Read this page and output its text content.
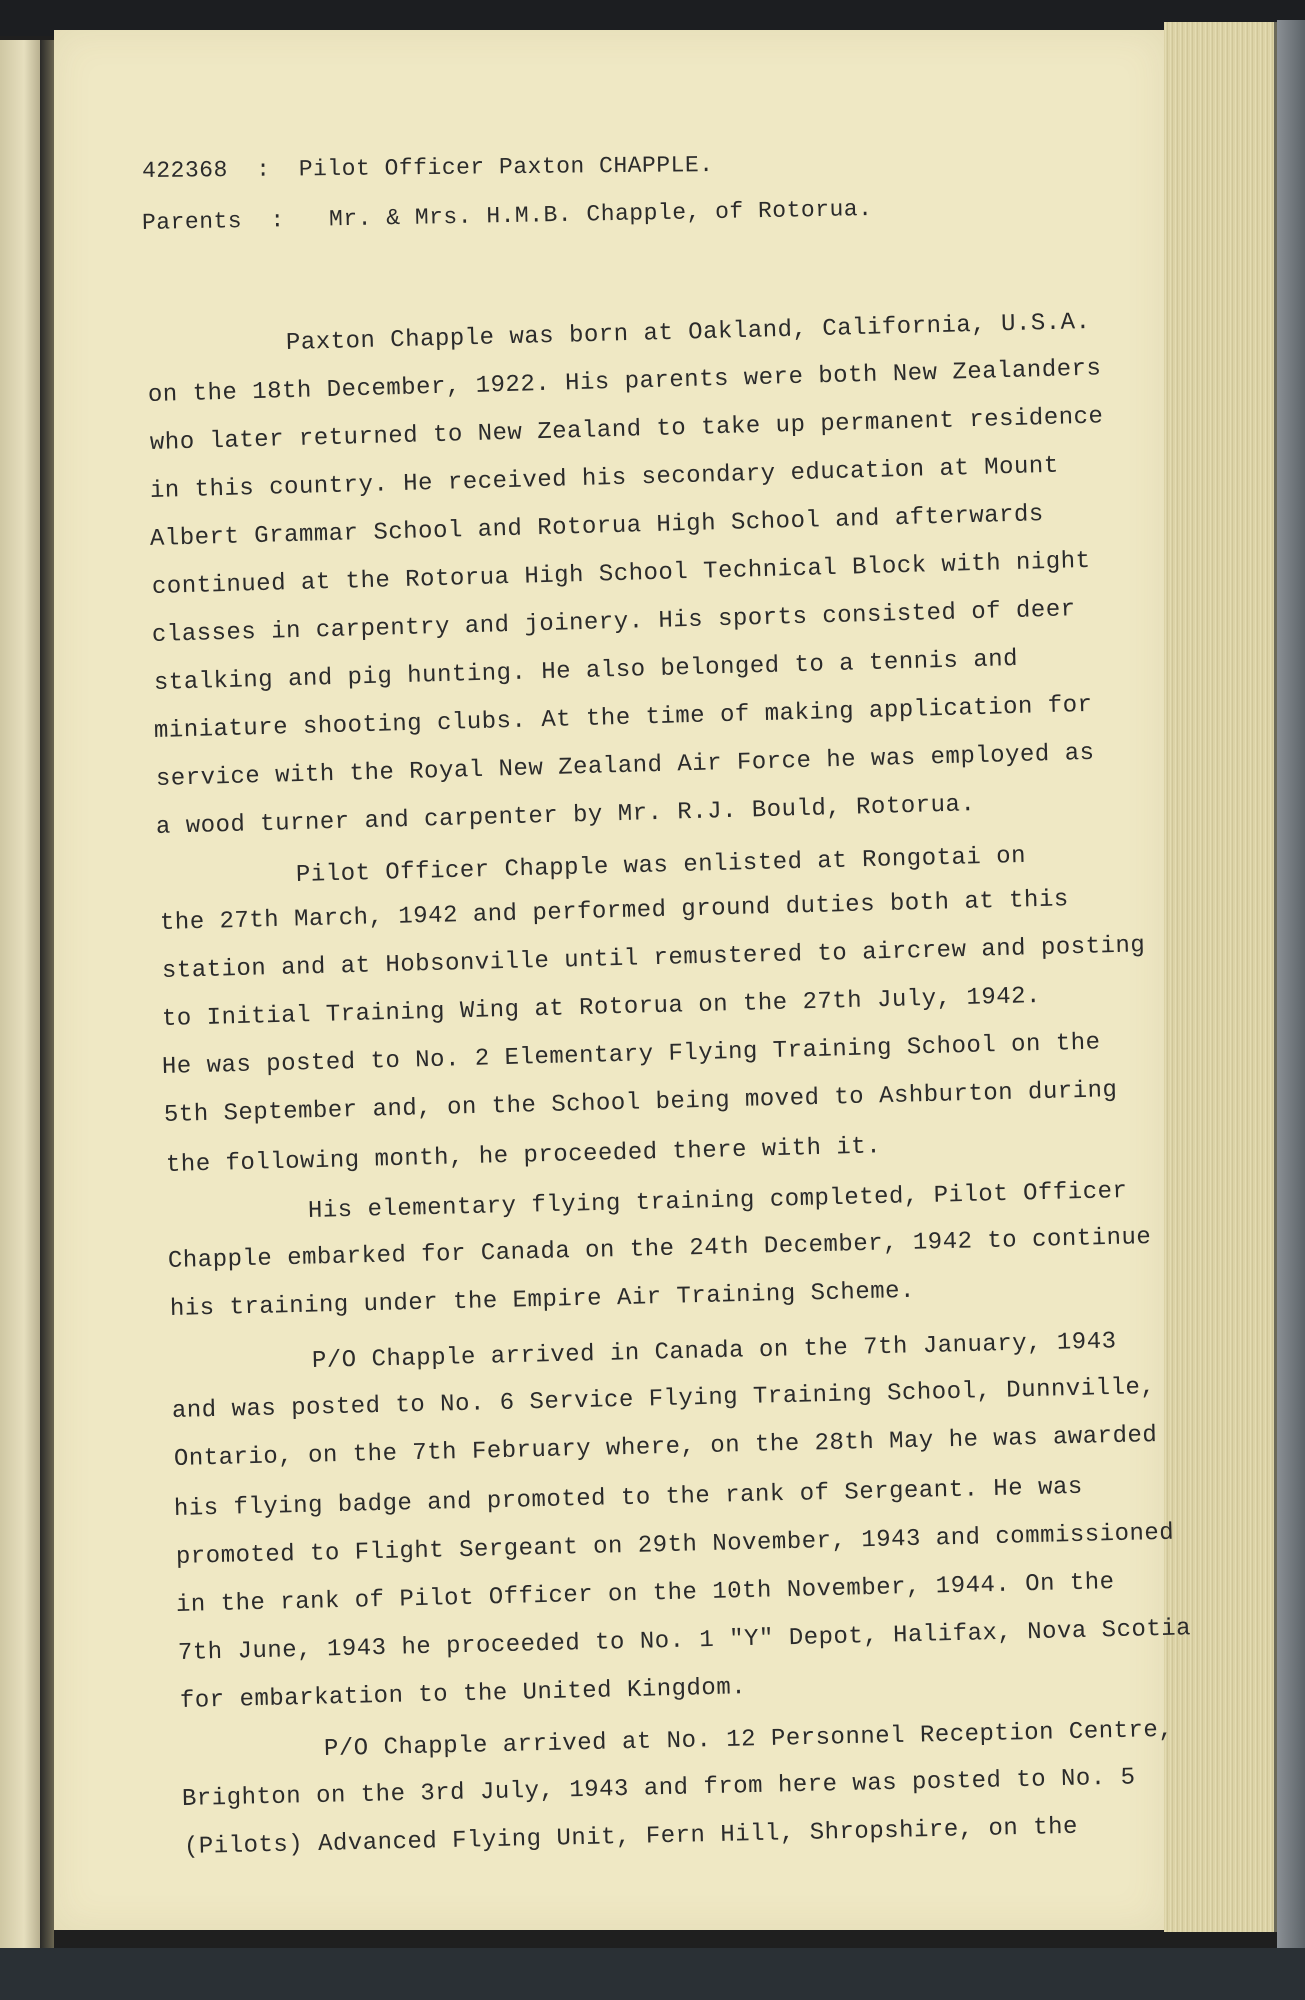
422368 : Pilot Officer Paxton CHAPPLE.
Parents : Mr. & Mrs. H.M.B. Chapple, of Rotorua.
Paxton Chapple was born at Oakland, California, U.S.A.
on the 18th December, 1922. His parents were both New Zealanders
who later returned to New Zealand to take up permanent residence
in this country. He received his secondary education at Mount
Albert Grammar School and Rotorua High School and afterwards
continued at the Rotorua High School Technical Block with night
classes in carpentry and joinery. His sports consisted of deer
stalking and pig hunting. He also belonged to a tennis and
miniature shooting clubs. At the time of making application for
service with the Royal New Zealand Air Force he was employed as
a wood turner and carpenter by Mr. R.J. Bould, Rotorua.
Pilot Officer Chapple was enlisted at Rongotai on
the 27th March, 1942 and performed ground duties both at this
station and at Hobsonville until remustered to aircrew and posting
to Initial Training Wing at Rotorua on the 27th July, 1942.
He was posted to No. 2 Elementary Flying Training School on the
5th September and, on the School being moved to Ashburton during
the following month, he proceeded there with it.
His elementary flying training completed, Pilot Officer
Chapple embarked for Canada on the 24th December, 1942 to continue
his training under the Empire Air Training Scheme.
P/O Chapple arrived in Canada on the 7th January, 1943
and was posted to No. 6 Service Flying Training School, Dunnville,
Ontario, on the 7th February where, on the 28th May he was awarded
his flying badge and promoted to the rank of Sergeant. He was
promoted to Flight Sergeant on 29th November, 1943 and commissioned
in the rank of Pilot Officer on the 10th November, 1944. On the
7th June, 1943 he proceeded to No. 1 "Y" Depot, Halifax, Nova Scotia
for embarkation to the United Kingdom.
P/O Chapple arrived at No. 12 Personnel Reception Centre,
Brighton on the 3rd July, 1943 and from here was posted to No. 5
(Pilots) Advanced Flying Unit, Fern Hill, Shropshire, on the
